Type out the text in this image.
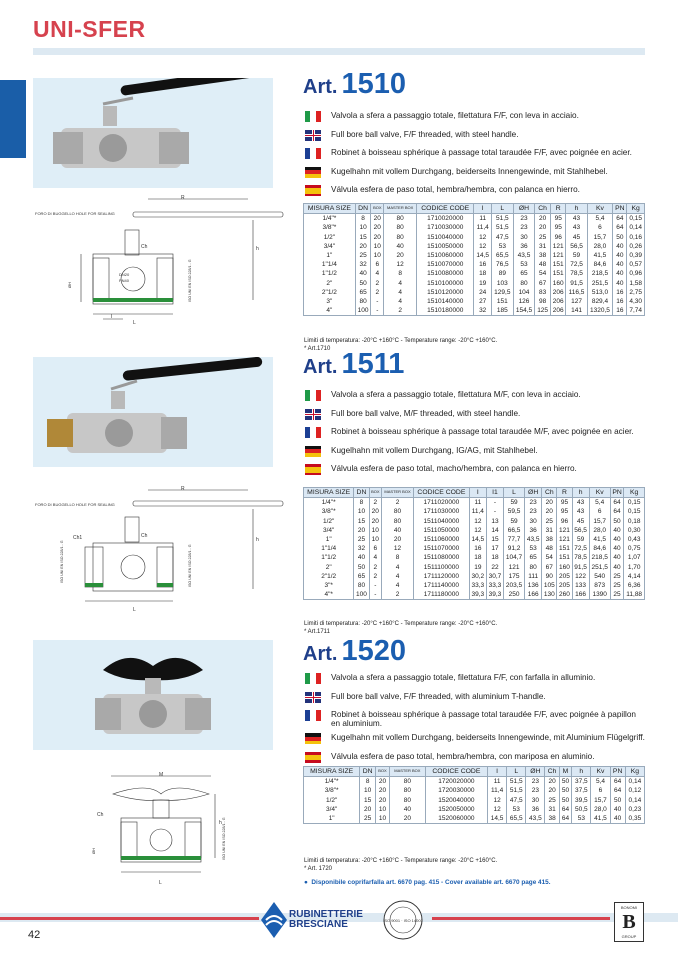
UNI-SFER
Art. 1510
Valvola a sfera a passaggio totale, filettatura F/F, con leva in acciaio.
Full bore ball valve, F/F threaded, with steel handle.
Robinet à boisseau sphérique à passage total taraudée F/F, avec poignée en acier.
Kugelhahn mit vollem Durchgang, beiderseits Innengewinde, mit Stahlhebel.
Válvula esfera de paso total, hembra/hembra, con palanca en hierro.
FORO DI BUGGELLO HOLE FOR SEALING
R
Ch	h
L
I
DN20
PN40
ØH	ISO UNI EN ISO 228/1 - G
MISURA SIZE	DN	BOX	MASTER BOX	CODICE CODE	I	L	ØH	Ch	R	h	Kv	PN	Kg
1/4"*	8	20	80	1710020000	11	51,5	23	20	95	43	5,4	64	0,15
3/8"*	10	20	80	1710030000	11,4	51,5	23	20	95	43	6	64	0,14
1/2"	15	20	80	1510040000	12	47,5	30	25	96	45	15,7	50	0,16
3/4"	20	10	40	1510050000	12	53	36	31	121	56,5	28,0	40	0,26
1"	25	10	20	1510060000	14,5	65,5	43,5	38	121	59	41,5	40	0,39
1"1/4	32	6	12	1510070000	16	76,5	53	48	151	72,5	84,6	40	0,57
1"1/2	40	4	8	1510080000	18	89	65	54	151	78,5	218,5	40	0,96
2"	50	2	4	1510100000	19	103	80	67	160	91,5	251,5	40	1,58
2"1/2	65	2	4	1510120000	24	129,5	104	83	206	116,5	513,0	16	2,75
3"	80	-	4	1510140000	27	151	126	98	206	127	829,4	16	4,30
4"	100	-	2	1510180000	32	185	154,5	125	206	141	1320,5	16	7,74
Limiti di temperatura: -20°C +160°C - Temperature range: -20°C +160°C.
* Art.1710
Art. 1511
Valvola a sfera a passaggio totale, filettatura M/F, con leva in acciaio.
Full bore ball valve, M/F threaded, with steel handle.
Robinet à boisseau sphérique à passage total taraudée M/F, avec poignée en acier.
Kugelhahn mit vollem Durchgang, IG/AG, mit Stahlhebel.
Válvula esfera de paso total, macho/hembra, con palanca en hierro.
FORO DI BUGGELLO HOLE FOR SEALING
R
Ch
Ch1	h
L
ISO UNI EN ISO 228/1 - G	ISO UNI EN ISO 228/1 - G
MISURA SIZE	DN	BOX	MASTER BOX	CODICE CODE	I	I1	L	ØH	Ch	R	h	Kv	PN	Kg
1/4"*	8	2	2	1711020000	11	-	59	23	20	95	43	5,4	64	0,15
3/8"*	10	20	80	1711030000	11,4	-	59,5	23	20	95	43	6	64	0,15
1/2"	15	20	80	1511040000	12	13	59	30	25	96	45	15,7	50	0,18
3/4"	20	10	40	1511050000	12	14	66,5	36	31	121	56,5	28,0	40	0,30
1"	25	10	20	1511060000	14,5	15	77,7	43,5	38	121	59	41,5	40	0,43
1"1/4	32	6	12	1511070000	16	17	91,2	53	48	151	72,5	84,6	40	0,75
1"1/2	40	4	8	1511080000	18	18	104,7	65	54	151	78,5	218,5	40	1,07
2"	50	2	4	1511100000	19	22	121	80	67	160	91,5	251,5	40	1,70
2"1/2	65	2	4	1711120000	30,2	30,7	175	111	90	205	122	540	25	4,14
3"*	80	-	4	1711140000	33,3	33,3	203,5	136	105	205	133	873	25	6,36
4"*	100	-	2	1711180000	39,3	39,3	250	166	130	260	166	1390	25	11,88
Limiti di temperatura: -20°C +160°C - Temperature range: -20°C +160°C.
* Art.1711
Art. 1520
Valvola a sfera a passaggio totale, filettatura F/F, con farfalla in alluminio.
Full bore ball valve, F/F threaded, with aluminium T-handle.
Robinet à boisseau sphérique à passage total taraudée F/F, avec poignée à papillon en aluminium.
Kugelhahn mit vollem Durchgang, beiderseits Innengewinde, mit Aluminium Flügelgriff.
Válvula esfera de paso total, hembra/hembra, con mariposa en aluminio.
M
Ch
h
L
ØH	ISO UNI EN ISO 228/1 - G
MISURA SIZE	DN	BOX	MASTER BOX	CODICE CODE	I	L	ØH	Ch	M	h	Kv	PN	Kg
1/4"*	8	20	80	1720020000	11	51,5	23	20	50	37,5	5,4	64	0,14
3/8"*	10	20	80	1720030000	11,4	51,5	23	20	50	37,5	6	64	0,12
1/2"	15	20	80	1520040000	12	47,5	30	25	50	39,5	15,7	50	0,14
3/4"	20	10	40	1520050000	12	53	36	31	64	50,5	28,0	40	0,23
1"	25	10	20	1520060000	14,5	65,5	43,5	38	64	53	41,5	40	0,35
Limiti di temperatura: -20°C +160°C - Temperature range: -20°C +160°C.
* Art. 1720
●  Disponibile coprifarfalla art. 6670 pag. 415 - Cover available art. 6670 page 415.
42
RUBINETTERIE
BRESCIANE	ISO 9001 · ISO 14001
BONOMI
B
GROUP
